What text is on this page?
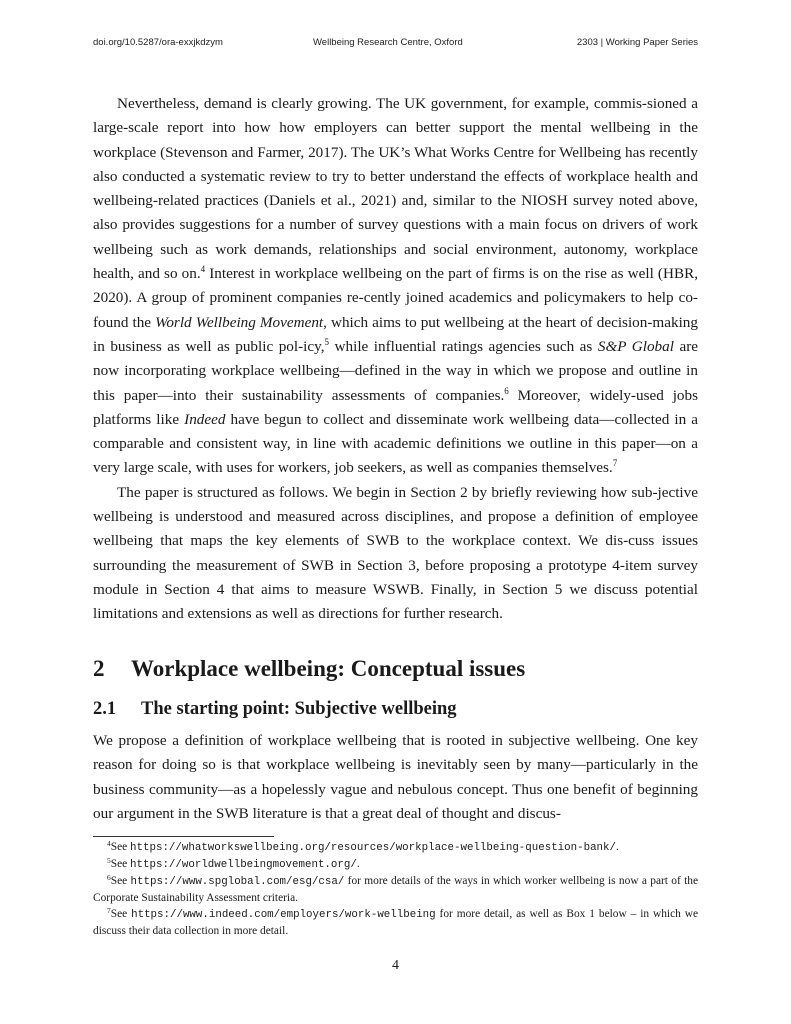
doi.org/10.5287/ora-exxjkdzym	Wellbeing Research Centre, Oxford	2303 | Working Paper Series

Nevertheless, demand is clearly growing. The UK government, for example, commis-sioned a large-scale report into how how employers can better support the mental wellbeing in the workplace (Stevenson and Farmer, 2017). The UK’s What Works Centre for Wellbeing has recently also conducted a systematic review to try to better understand the effects of workplace health and wellbeing-related practices (Daniels et al., 2021) and, similar to the NIOSH survey noted above, also provides suggestions for a number of survey questions with a main focus on drivers of work wellbeing such as work demands, relationships and social environment, autonomy, workplace health, and so on.$^4$ Interest in workplace wellbeing on the part of firms is on the rise as well (HBR, 2020). A group of prominent companies re-cently joined academics and policymakers to help co-found the World Wellbeing Movement, which aims to put wellbeing at the heart of decision-making in business as well as public pol-icy,$^5$ while influential ratings agencies such as S&P Global are now incorporating workplace wellbeing—defined in the way in which we propose and outline in this paper—into their sustainability assessments of companies.$^6$ Moreover, widely-used jobs platforms like Indeed have begun to collect and disseminate work wellbeing data—collected in a comparable and consistent way, in line with academic definitions we outline in this paper—on a very large scale, with uses for workers, job seekers, as well as companies themselves.$^7$

The paper is structured as follows. We begin in Section 2 by briefly reviewing how sub-jective wellbeing is understood and measured across disciplines, and propose a definition of employee wellbeing that maps the key elements of SWB to the workplace context. We dis-cuss issues surrounding the measurement of SWB in Section 3, before proposing a prototype 4-item survey module in Section 4 that aims to measure WSWB. Finally, in Section 5 we discuss potential limitations and extensions as well as directions for further research.

2 Workplace wellbeing: Conceptual issues
2.1 The starting point: Subjective wellbeing

We propose a definition of workplace wellbeing that is rooted in subjective wellbeing. One key reason for doing so is that workplace wellbeing is inevitably seen by many—particularly in the business community—as a hopelessly vague and nebulous concept. Thus one benefit of beginning our argument in the SWB literature is that a great deal of thought and discus-

$^4$See https://whatworkswellbeing.org/resources/workplace-wellbeing-question-bank/.

$^5$See https://worldwellbeingmovement.org/.

$^6$See https://www.spglobal.com/esg/csa/ for more details of the ways in which worker wellbeing is now a part of the Corporate Sustainability Assessment criteria.

$^7$See https://www.indeed.com/employers/work-wellbeing for more detail, as well as Box 1 below – in which we discuss their data collection in more detail.

4
